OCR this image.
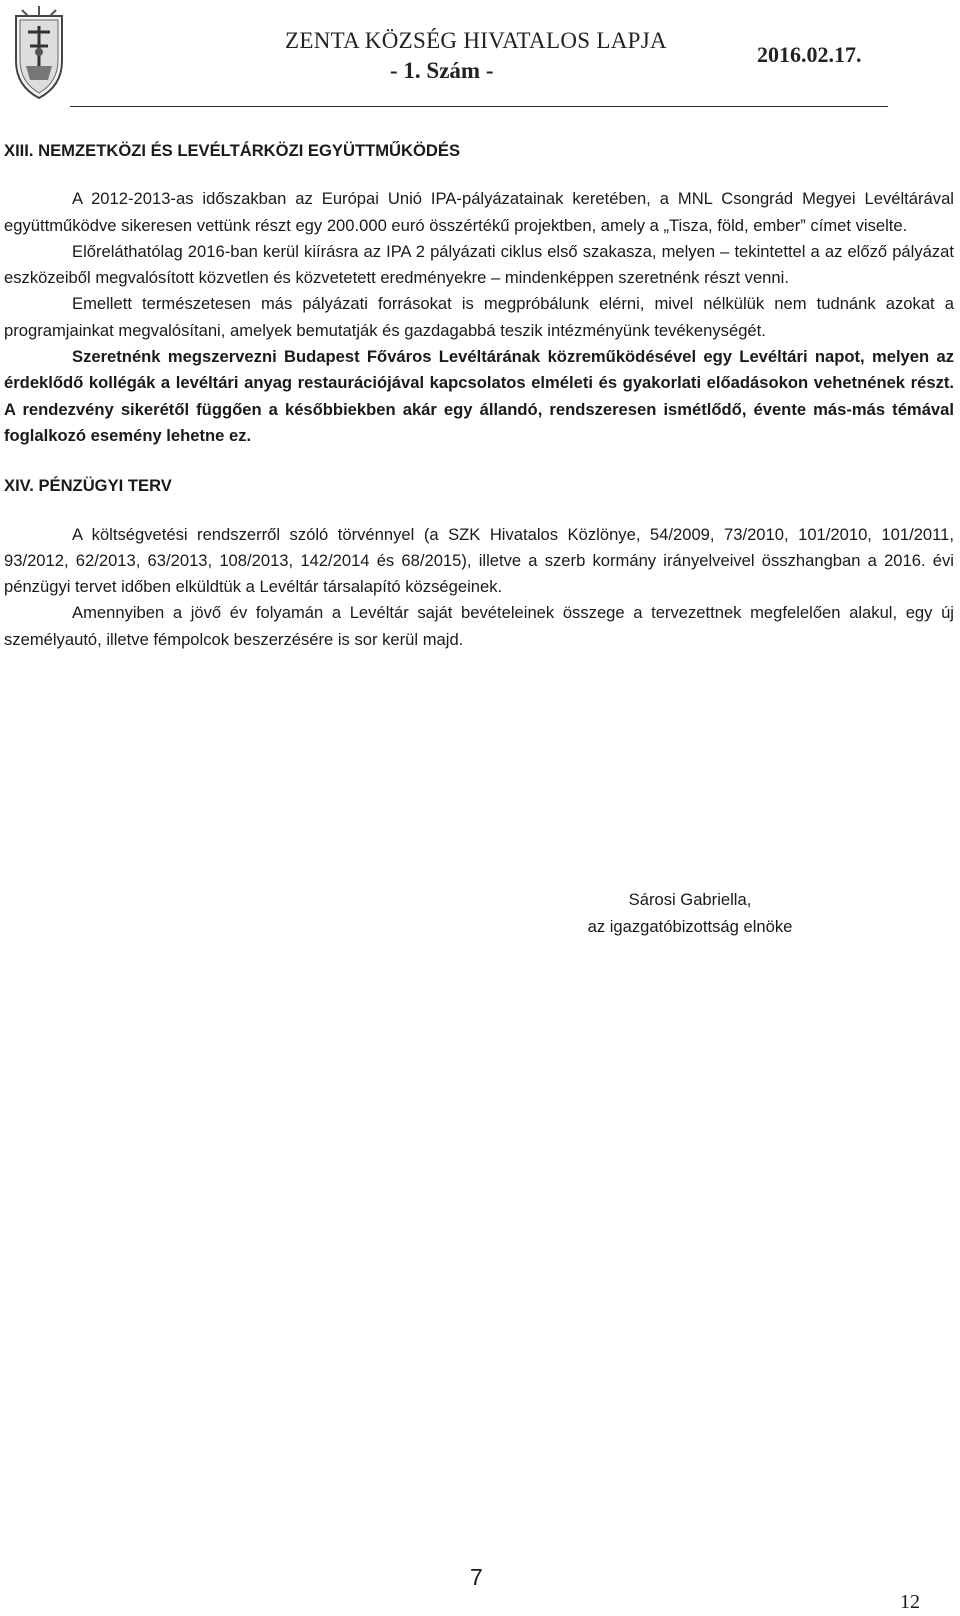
ZENTA KÖZSÉG HIVATALOS LAPJA
- 1. Szám -
2016.02.17.
XIII. NEMZETKÖZI ÉS LEVÉLTÁRKÖZI EGYÜTTMŰKÖDÉS

A 2012-2013-as időszakban az Európai Unió IPA-pályázatainak keretében, a MNL Csongrád Megyei Levéltárával együttműködve sikeresen vettünk részt egy 200.000 euró összértékű projektben, amely a „Tisza, föld, ember” címet viselte.

Előreláthatólag 2016-ban kerül kiírásra az IPA 2 pályázati ciklus első szakasza, melyen – tekintettel a az előző pályázat eszközeiből megvalósított közvetlen és közvetetett eredményekre – mindenképpen szeretnénk részt venni.

Emellett természetesen más pályázati forrásokat is megpróbálunk elérni, mivel nélkülük nem tudnánk azokat a programjainkat megvalósítani, amelyek bemutatják és gazdagabbá teszik intézményünk tevékenységét.

Szeretnénk megszervezni Budapest Főváros Levéltárának közreműködésével egy Levéltári napot, melyen az érdeklődő kollégák a levéltári anyag restaurációjával kapcsolatos elméleti és gyakorlati előadásokon vehetnének részt. A rendezvény sikerétől függően a későbbiekben akár egy állandó, rendszeresen ismétlődő, évente más-más témával foglalkozó esemény lehetne ez.

XIV. PÉNZÜGYI TERV

A költségvetési rendszerről szóló törvénnyel (a SZK Hivatalos Közlönye, 54/2009, 73/2010, 101/2010, 101/2011, 93/2012, 62/2013, 63/2013, 108/2013, 142/2014 és 68/2015), illetve a szerb kormány irányelveivel összhangban a 2016. évi pénzügyi tervet időben elküldtük a Levéltár társalapító községeinek.

Amennyiben a jövő év folyamán a Levéltár saját bevételeinek összege a tervezettnek megfelelően alakul, egy új személyautó, illetve fémpolcok beszerzésére is sor kerül majd.

Sárosi Gabriella,
az igazgatóbizottság elnöke
7
12
